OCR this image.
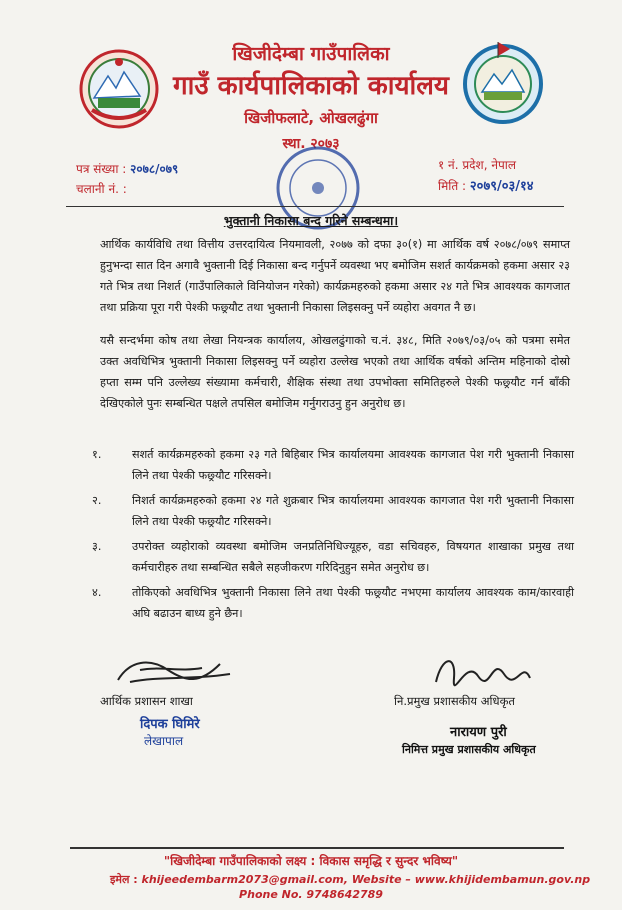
खिजीदेम्बा गाउँपालिका
गाउँ कार्यपालिकाको कार्यालय
खिजीफलाटे, ओखलढुंगा
स्था. २०७३
पत्र संख्या : २०७८/०७९
चलानी नं. :
१ नं. प्रदेश, नेपाल
मिति : २०७९/०३/१४
भुक्तानी निकासा बन्द गरिने सम्बन्धमा।
आर्थिक कार्यविधि तथा वित्तीय उत्तरदायित्व नियमावली, २०७७ को दफा ३०(१) मा आर्थिक वर्ष २०७८/०७९ समाप्त हुनुभन्दा सात दिन अगावै भुक्तानी दिई निकासा बन्द गर्नुपर्ने व्यवस्था भए बमोजिम सशर्त कार्यक्रमको हकमा असार २३ गते भित्र तथा निशर्त (गाउँपालिकाले विनियोजन गरेको) कार्यक्रमहरुको हकमा असार २४ गते भित्र आवश्यक कागजात तथा प्रक्रिया पूरा गरी पेश्की फछ्र्यौट तथा भुक्तानी निकासा लिइसक्नु पर्ने व्यहोरा अवगत नै छ।
यसै सन्दर्भमा कोष तथा लेखा नियन्त्रक कार्यालय, ओखलढुंगाको च.नं. ३४८, मिति २०७९/०३/०५ को पत्रमा समेत उक्त अवधिभित्र भुक्तानी निकासा लिइसक्नु पर्ने व्यहोरा उल्लेख भएको तथा आर्थिक वर्षको अन्तिम महिनाको दोस्रो हप्ता सम्म पनि उल्लेख्य संख्यामा कर्मचारी, शैक्षिक संस्था तथा उपभोक्ता समितिहरुले पेश्की फछ्र्यौट गर्न बाँकी देखिएकोले पुनः सम्बन्धित पक्षले तपसिल बमोजिम गर्नुगराउनु हुन अनुरोध छ।
१.	सशर्त कार्यक्रमहरुको हकमा २३ गते बिहिबार भित्र कार्यालयमा आवश्यक कागजात पेश गरी भुक्तानी निकासा लिने तथा पेश्की फछ्र्यौट गरिसक्ने।
२.	निशर्त कार्यक्रमहरुको हकमा २४ गते शुक्रबार भित्र कार्यालयमा आवश्यक कागजात पेश गरी भुक्तानी निकासा लिने तथा पेश्की फछ्र्यौट गरिसक्ने।
३.	उपरोक्त व्यहोराको व्यवस्था बमोजिम जनप्रतिनिधिज्यूहरु, वडा सचिवहरु, विषयगत शाखाका प्रमुख तथा कर्मचारीहरु तथा सम्बन्धित सबैले सहजीकरण गरिदिनुहुन समेत अनुरोध छ।
४.	तोकिएको अवधिभित्र भुक्तानी निकासा लिने तथा पेश्की फछ्र्यौट नभएमा कार्यालय आवश्यक काम/कारवाही अघि बढाउन बाध्य हुने छैन।
आर्थिक प्रशासन शाखा
दिपक घिमिरे
लेखापाल
नि.प्रमुख प्रशासकीय अधिकृत
नारायण पुरी
निमित्त प्रमुख प्रशासकीय अधिकृत
"खिजीदेम्बा गाउँपालिकाको लक्ष्य : विकास समृद्धि र सुन्दर भविष्य"
इमेल : khijeedembarm2073@gmail.com, Website – www.khijidembamun.gov.np
Phone No. 9748642789
